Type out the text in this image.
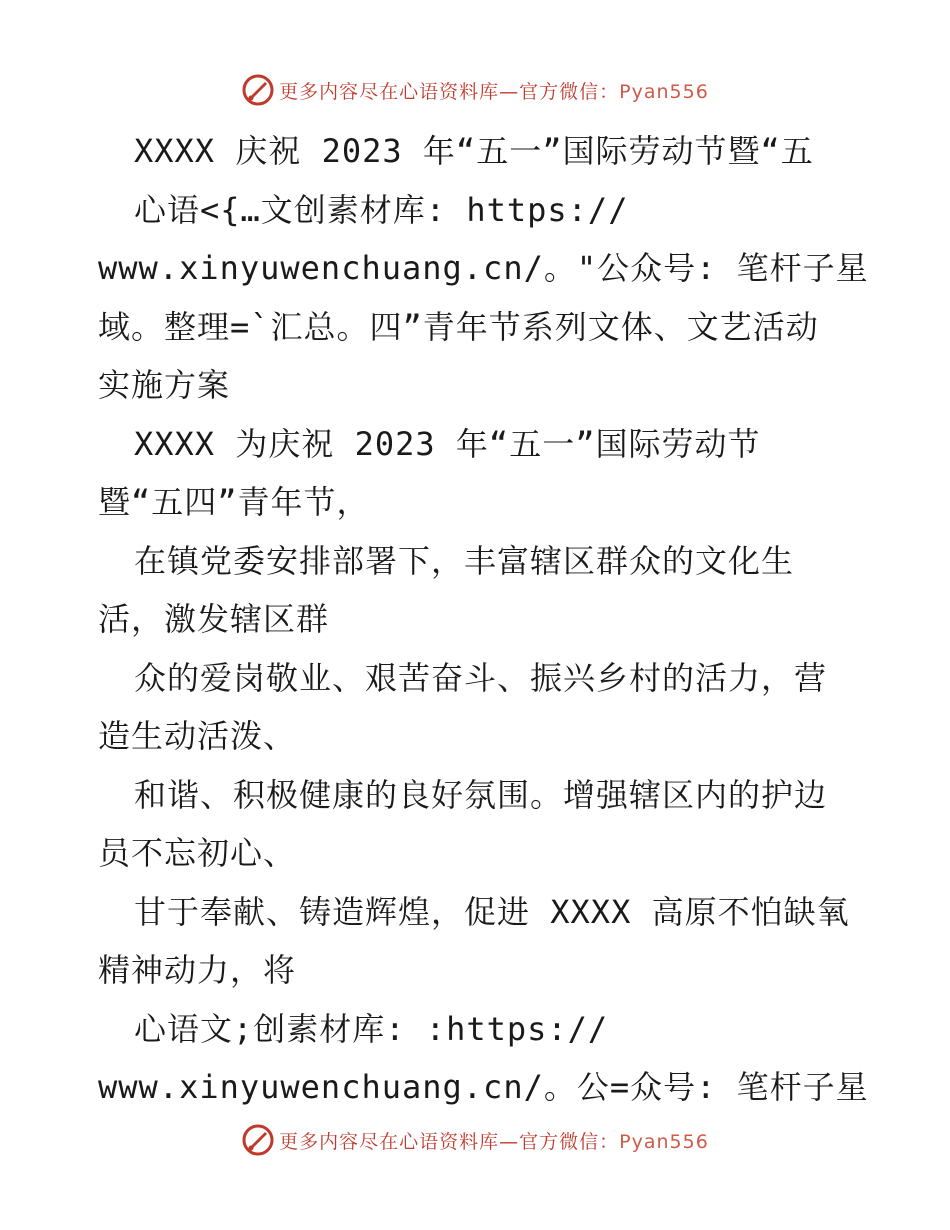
更多内容尽在心语资料库—官方微信：Pyan556
XXXX 庆祝 2023 年“五一”国际劳动节暨“五
心语<{…文创素材库: https://
www.xinyuwenchuang.cn/。"公众号: 笔杆子星
域。整理=`汇总。四”青年节系列文体、文艺活动
实施方案
XXXX 为庆祝 2023 年“五一”国际劳动节
暨“五四”青年节，
在镇党委安排部署下，丰富辖区群众的文化生
活，激发辖区群
众的爱岗敬业、艰苦奋斗、振兴乡村的活力，营
造生动活泼、
和谐、积极健康的良好氛围。增强辖区内的护边
员不忘初心、
甘于奉献、铸造辉煌，促进 XXXX 高原不怕缺氧
精神动力，将
心语文;创素材库: :https://
www.xinyuwenchuang.cn/。公=众号: 笔杆子星
更多内容尽在心语资料库—官方微信：Pyan556
